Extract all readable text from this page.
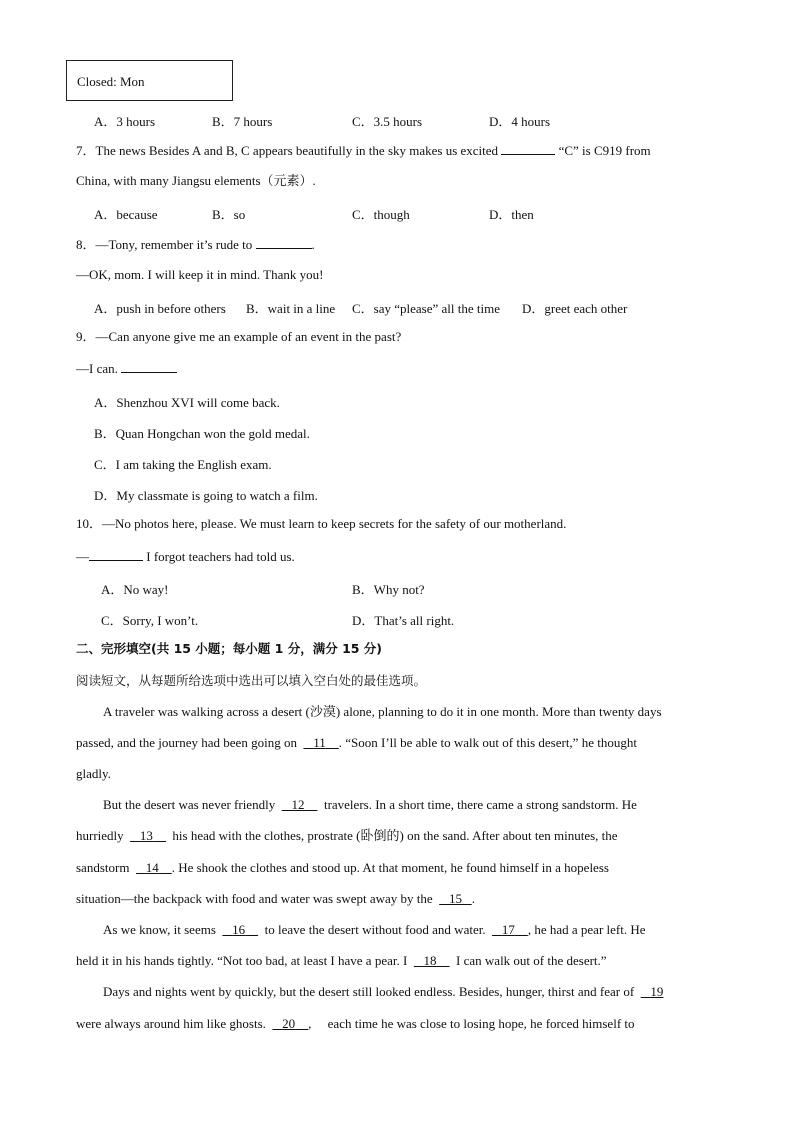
Closed: Mon
A．3 hours	B．7 hours	C．3.5 hours	D．4 hours
7．The news Besides A and B, C appears beautifully in the sky makes us excited	“C” is C919 from
China, with many Jiangsu elements（元素）.
A．because	B．so	C．though	D．then
8．—Tony, remember it’s rude to	.
—OK, mom. I will keep it in mind. Thank you!
A．push in before others B．wait in a line C．say “please” all the time D．greet each other
9．—Can anyone give me an example of an event in the past?
—I can.
A．Shenzhou XVI will come back.
B．Quan Hongchan won the gold medal.
C．I am taking the English exam.
D．My classmate is going to watch a film.
10．—No photos here, please. We must learn to keep secrets for the safety of our motherland.
—	I forgot teachers had told us.
A．No way!	B．Why not?
C．Sorry, I won’t.	D．That’s all right.
二、完形填空(共 15 小题；每小题 1 分，满分 15 分)
阅读短文，从每题所给选项中选出可以填入空白处的最佳选项。
A traveler was walking across a desert (沙漠) alone, planning to do it in one month. More than twenty days
passed, and the journey had been going on 11 . “Soon I’ll be able to walk out of this desert,” he thought
gladly.
But the desert was never friendly 12 travelers. In a short time, there came a strong sandstorm. He
hurriedly 13 his head with the clothes, prostrate (卧倒的) on the sand. After about ten minutes, the
sandstorm 14 . He shook the clothes and stood up. At that moment, he found himself in a hopeless
situation—the backpack with food and water was swept away by the 15 .
As we know, it seems 16 to leave the desert without food and water. 17 , he had a pear left. He
held it in his hands tightly. “Not too bad, at least I have a pear. I 18 I can walk out of the desert.”
Days and nights went by quickly, but the desert still looked endless. Besides, hunger, thirst and fear of 19
were always around him like ghosts. 20 , each time he was close to losing hope, he forced himself to
